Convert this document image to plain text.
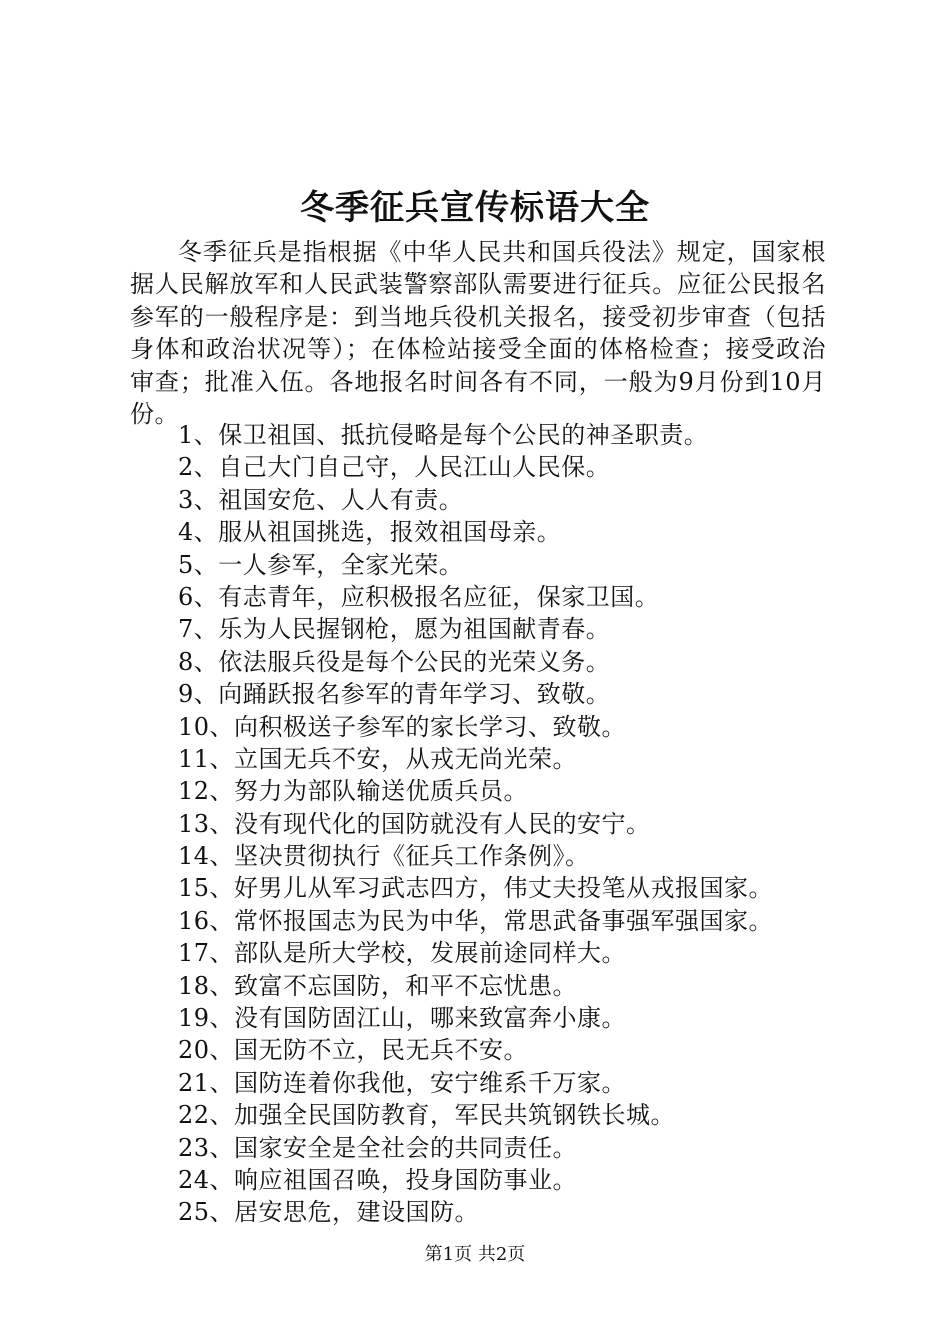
冬季征兵宣传标语大全

冬季征兵是指根据《中华人民共和国兵役法》规定，国家根据人民解放军和人民武装警察部队需要进行征兵。应征公民报名参军的一般程序是：到当地兵役机关报名，接受初步审查（包括身体和政治状况等）；在体检站接受全面的体格检查；接受政治审查；批准入伍。各地报名时间各有不同，一般为9月份到10月份。

1、保卫祖国、抵抗侵略是每个公民的神圣职责。
2、自己大门自己守，人民江山人民保。
3、祖国安危、人人有责。
4、服从祖国挑选，报效祖国母亲。
5、一人参军，全家光荣。
6、有志青年，应积极报名应征，保家卫国。
7、乐为人民握钢枪，愿为祖国献青春。
8、依法服兵役是每个公民的光荣义务。
9、向踊跃报名参军的青年学习、致敬。
10、向积极送子参军的家长学习、致敬。
11、立国无兵不安，从戎无尚光荣。
12、努力为部队输送优质兵员。
13、没有现代化的国防就没有人民的安宁。
14、坚决贯彻执行《征兵工作条例》。
15、好男儿从军习武志四方，伟丈夫投笔从戎报国家。
16、常怀报国志为民为中华，常思武备事强军强国家。
17、部队是所大学校，发展前途同样大。
18、致富不忘国防，和平不忘忧患。
19、没有国防固江山，哪来致富奔小康。
20、国无防不立，民无兵不安。
21、国防连着你我他，安宁维系千万家。
22、加强全民国防教育，军民共筑钢铁长城。
23、国家安全是全社会的共同责任。
24、响应祖国召唤，投身国防事业。
25、居安思危，建设国防。
第1页 共2页
